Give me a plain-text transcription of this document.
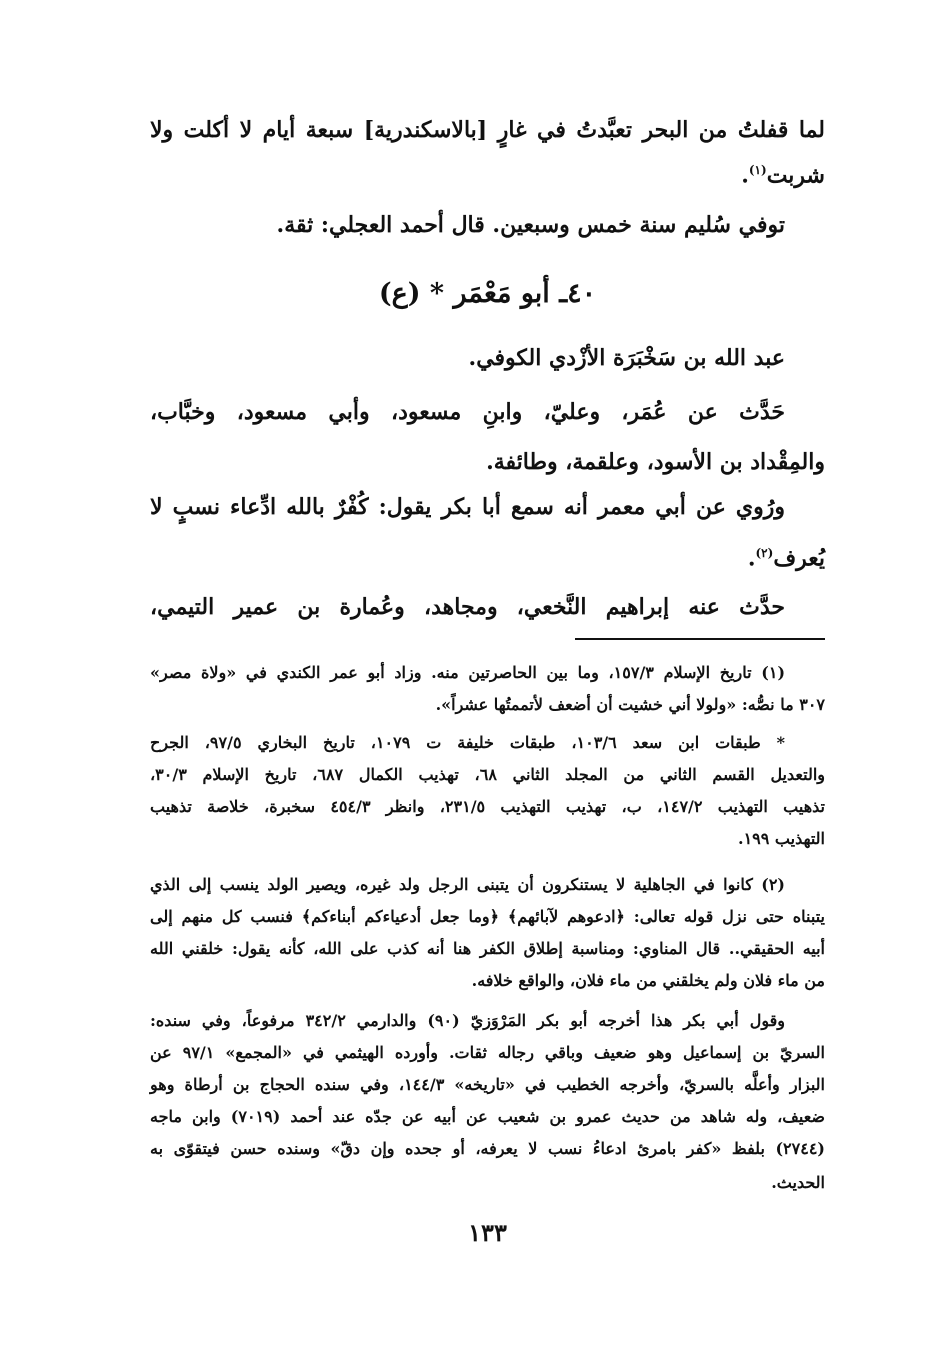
لما قفلتُ من البحر تعبَّدتُ في غارٍ [بالاسكندرية] سبعة أيام لا أكلت ولا
شربت$^{(١)}$.
توفي سُليم سنة خمس وسبعين. قال أحمد العجلي: ثقة.
٤٠ـ أبو مَعْمَر * (ع)
عبد الله بن سَخْبَرَة الأزْدي الكوفي.
حَدَّث عن عُمَر، وعليّ، وابنِ مسعود، وأبي مسعود، وخبَّاب،
والمِقْداد بن الأسود، وعلقمة، وطائفة.
ورُوي عن أبي معمر أنه سمع أبا بكر يقول: كُفْرٌ بالله ادِّعاء نسبٍ لا
يُعرف$^{(٢)}$.
حدَّث عنه إبراهيم النَّخعي، ومجاهد، وعُمارة بن عمير التيمي،
(١) تاريخ الإسلام ١٥٧/٣، وما بين الحاصرتين منه. وزاد أبو عمر الكندي في «ولاة مصر»
٣٠٧ ما نصُّه: «ولولا أني خشيت أن أضعف لأتممتُها عشراً».
* طبقات ابن سعد ١٠٣/٦، طبقات خليفة ت ١٠٧٩، تاريخ البخاري ٩٧/٥، الجرح
والتعديل القسم الثاني من المجلد الثاني ٦٨، تهذيب الكمال ٦٨٧، تاريخ الإسلام ٣٠/٣،
تذهيب التهذيب ١٤٧/٢، ب، تهذيب التهذيب ٢٣١/٥، وانظر ٤٥٤/٣ سخبرة، خلاصة تذهيب
التهذيب ١٩٩.
(٢) كانوا في الجاهلية لا يستنكرون أن يتبنى الرجل ولد غيره، ويصير الولد ينسب إلى الذي
يتبناه حتى نزل قوله تعالى: ﴿ادعوهم لآبائهم﴾ ﴿وما جعل أدعياءكم أبناءكم﴾ فنسب كل منهم إلى
أبيه الحقيقي.. قال المناوي: ومناسبة إطلاق الكفر هنا أنه كذب على الله، كأنه يقول: خلقني الله
من ماء فلان ولم يخلقني من ماء فلان، والواقع خلافه.
وقول أبي بكر هذا أخرجه أبو بكر المَرْوَزيّ (٩٠) والدارمي ٣٤٢/٢ مرفوعاً، وفي سنده:
السريّ بن إسماعيل وهو ضعيف وباقي رجاله ثقات. وأورده الهيثمي في «المجمع» ٩٧/١ عن
البزار وأعلَّه بالسريّ، وأخرجه الخطيب في «تاريخه» ١٤٤/٣، وفي سنده الحجاج بن أرطاة وهو
ضعيف، وله شاهد من حديث عمرو بن شعيب عن أبيه عن جدّه عند أحمد (٧٠١٩) وابن ماجه
(٢٧٤٤) بلفظ «كفر بامرئ ادعاءُ نسب لا يعرفه، أو جحده وإن دقّ» وسنده حسن فيتقوّى به
الحديث.
١٣٣
